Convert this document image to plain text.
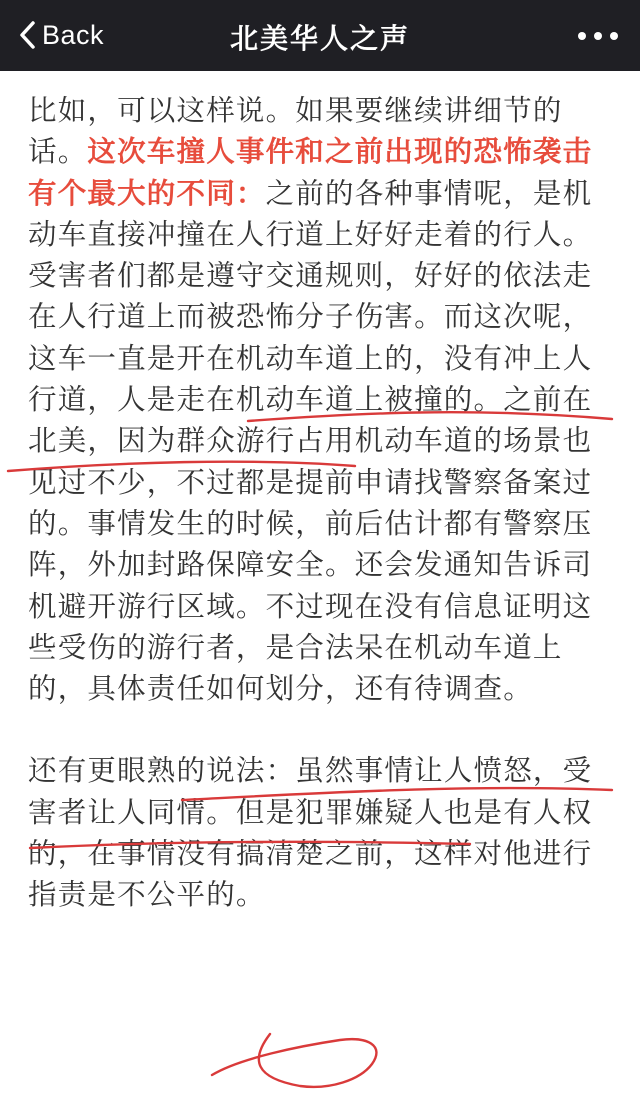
Back	北美华人之声

比如，可以这样说。如果要继续讲细节的话。这次车撞人事件和之前出现的恐怖袭击有个最大的不同：之前的各种事情呢，是机动车直接冲撞在人行道上好好走着的行人。受害者们都是遵守交通规则，好好的依法走在人行道上而被恐怖分子伤害。而这次呢，这车一直是开在机动车道上的，没有冲上人行道，人是走在机动车道上被撞的。之前在北美，因为群众游行占用机动车道的场景也见过不少，不过都是提前申请找警察备案过的。事情发生的时候，前后估计都有警察压阵，外加封路保障安全。还会发通知告诉司机避开游行区域。不过现在没有信息证明这些受伤的游行者，是合法呆在机动车道上的，具体责任如何划分，还有待调查。

还有更眼熟的说法：虽然事情让人愤怒，受害者让人同情。但是犯罪嫌疑人也是有人权的，在事情没有搞清楚之前，这样对他进行指责是不公平的。
